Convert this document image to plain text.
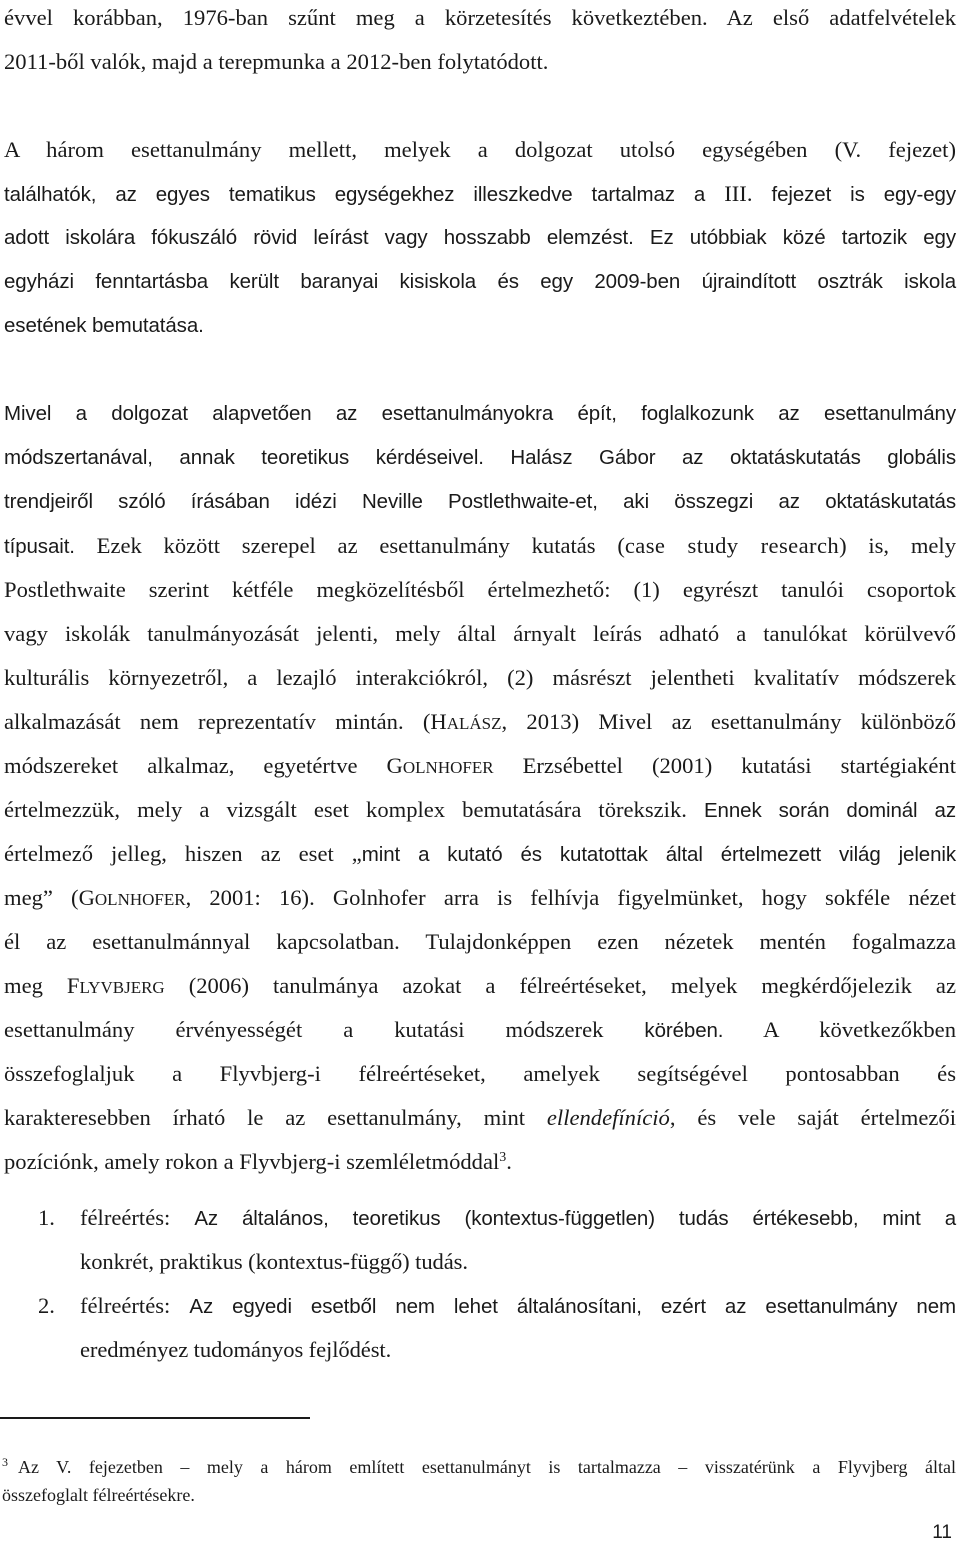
évvel korábban, 1976-ban szűnt meg a körzetesítés következtében. Az első adatfelvételek
2011-ből valók, majd a terepmunka a 2012-ben folytatódott.
A három esettanulmány mellett, melyek a dolgozat utolsó egységében (V. fejezet)
találhatók, az egyes tematikus egységekhez illeszkedve tartalmaz a III. fejezet is egy-egy
adott iskolára fókuszáló rövid leírást vagy hosszabb elemzést. Ez utóbbiak közé tartozik egy
egyházi fenntartásba került baranyai kisiskola és egy 2009-ben újraindított osztrák iskola
esetének bemutatása.
Mivel a dolgozat alapvetően az esettanulmányokra épít, foglalkozunk az esettanulmány
módszertanával, annak teoretikus kérdéseivel. Halász Gábor az oktatáskutatás globális
trendjeiről szóló írásában idézi Neville Postlethwaite-et, aki összegzi az oktatáskutatás
típusait. Ezek között szerepel az esettanulmány kutatás (case study research) is, mely
Postlethwaite szerint kétféle megközelítésből értelmezhető: (1) egyrészt tanulói csoportok
vagy iskolák tanulmányozását jelenti, mely által árnyalt leírás adható a tanulókat körülvevő
kulturális környezetről, a lezajló interakciókról, (2) másrészt jelentheti kvalitatív módszerek
alkalmazását nem reprezentatív mintán. (HALÁSZ, 2013) Mivel az esettanulmány különböző
módszereket alkalmaz, egyetértve GOLNHOFER Erzsébettel (2001) kutatási startégiaként
értelmezzük, mely a vizsgált eset komplex bemutatására törekszik. Ennek során dominál az
értelmező jelleg, hiszen az eset „mint a kutató és kutatottak által értelmezett világ jelenik
meg” (GOLNHOFER, 2001: 16). Golnhofer arra is felhívja figyelmünket, hogy sokféle nézet
él az esettanulmánnyal kapcsolatban. Tulajdonképpen ezen nézetek mentén fogalmazza
meg FLYVBJERG (2006) tanulmánya azokat a félreértéseket, melyek megkérdőjelezik az
esettanulmány érvényességét a kutatási módszerek körében. A következőkben
összefoglaljuk a Flyvbjerg-i félreértéseket, amelyek segítségével pontosabban és
karakteresebben írható le az esettanulmány, mint ellendefíníció, és vele saját értelmezői
pozíciónk, amely rokon a Flyvbjerg-i szemléletmóddal$^3$.
1.	félreértés: Az általános, teoretikus (kontextus-független) tudás értékesebb, mint a
konkrét, praktikus (kontextus-függő) tudás.
2.	félreértés: Az egyedi esetből nem lehet általánosítani, ezért az esettanulmány nem
eredményez tudományos fejlődést.
$^3$ Az V. fejezetben – mely a három említett esettanulmányt is tartalmazza – visszatérünk a Flyvjberg által
összefoglalt félreértésekre.
11
